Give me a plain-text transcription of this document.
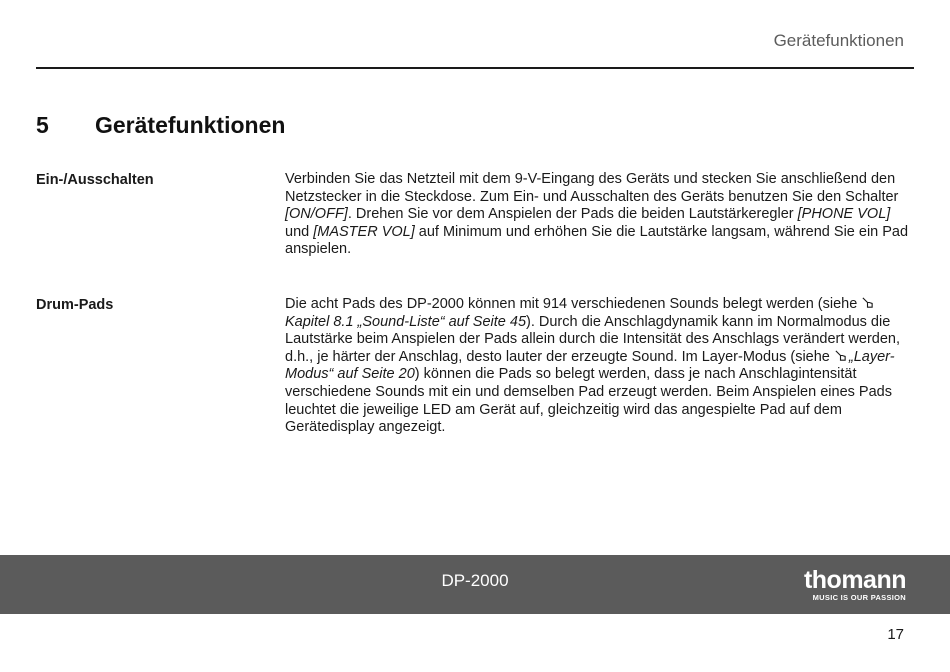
Gerätefunktionen
5	Gerätefunktionen
Ein-/Ausschalten	Verbinden Sie das Netzteil mit dem 9-V-Eingang des Geräts und stecken Sie anschließend den Netzstecker in die Steckdose. Zum Ein- und Ausschalten des Geräts benutzen Sie den Schalter [ON/OFF]. Drehen Sie vor dem Anspielen der Pads die beiden Lautstärkeregler [PHONE VOL] und [MASTER VOL] auf Minimum und erhöhen Sie die Lautstärke langsam, während Sie ein Pad anspielen.

Drum-Pads	Die acht Pads des DP-2000 können mit 914 verschiedenen Sounds belegt werden (siehe Kapitel 8.1 „Sound-Liste“ auf Seite 45). Durch die Anschlagdynamik kann im Normalmodus die Lautstärke beim Anspielen der Pads allein durch die Intensität des Anschlags verändert werden, d.h., je härter der Anschlag, desto lauter der erzeugte Sound. Im Layer-Modus (siehe „Layer-Modus“ auf Seite 20) können die Pads so belegt werden, dass je nach Anschlagintensität verschiedene Sounds mit ein und demselben Pad erzeugt werden. Beim Anspielen eines Pads leuchtet die jeweilige LED am Gerät auf, gleichzeitig wird das angespielte Pad auf dem Gerätedisplay angezeigt.

DP-2000	thomann
MUSIC IS OUR PASSION
17
